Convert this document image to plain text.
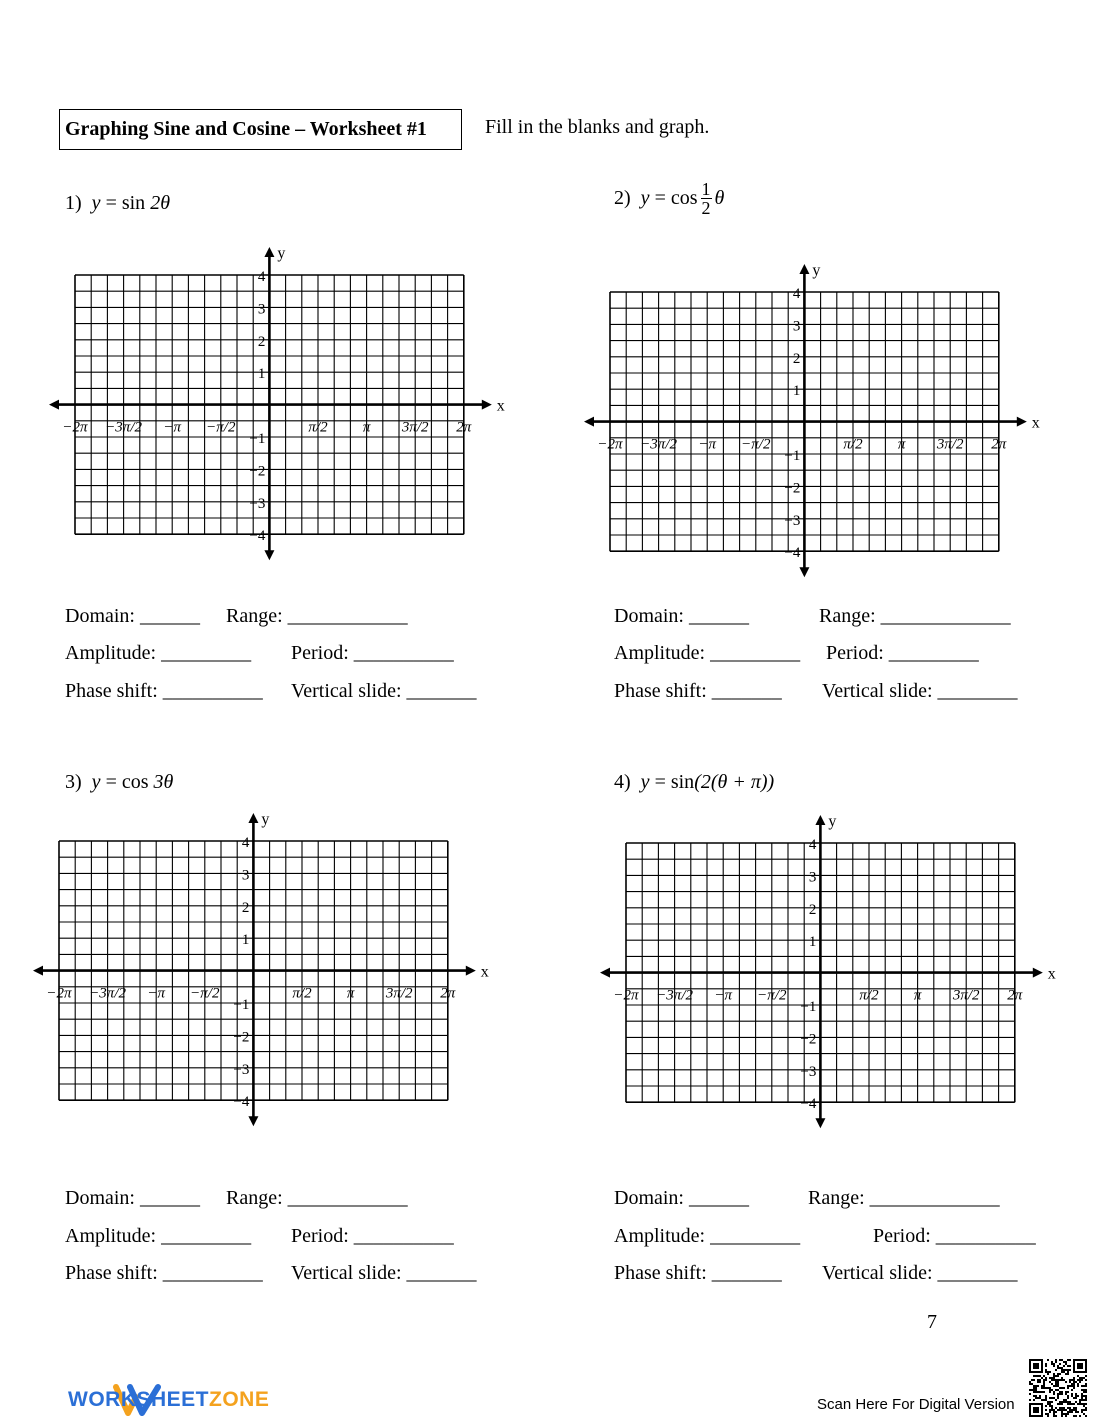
Graphing Sine and Cosine – Worksheet #1	Fill in the blanks and graph.
1) y = sin 2θ	2) $y = \cos \frac{1}{2}$ θ
3) y = cos 3θ	4) y = sin(2(θ + π))
x
y
−2π −3π/2 −π −π/2	π/2 π 3π/2 2π
4
3
2
1
−1
−2
−3
−4
x
y
−2π −3π/2 −π −π/2	π/2 π 3π/2 2π
4
3
2
1
−1
−2
−3
−4
x
y
−2π −3π/2 −π −π/2	π/2 π 3π/2 2π
4
3
2
1
−1
−2
−3
−4
x
y
−2π −3π/2 −π −π/2	π/2 π 3π/2 2π
4
3
2
1
−1
−2
−3
−4
Domain: ______ Range: ____________
Amplitude: _________ Period: __________
Phase shift: __________ Vertical slide: _______
Domain: ______	Range: _____________
Amplitude: _________ Period: _________
Phase shift: _______ Vertical slide: ________
Domain: ______ Range: ____________
Amplitude: _________ Period: __________
Phase shift: __________ Vertical slide: _______
Domain: ______	Range: _____________
Amplitude: _________	Period: __________
Phase shift: _______ Vertical slide: ________
7
WORKSHEETZONE	Scan Here For Digital Version
